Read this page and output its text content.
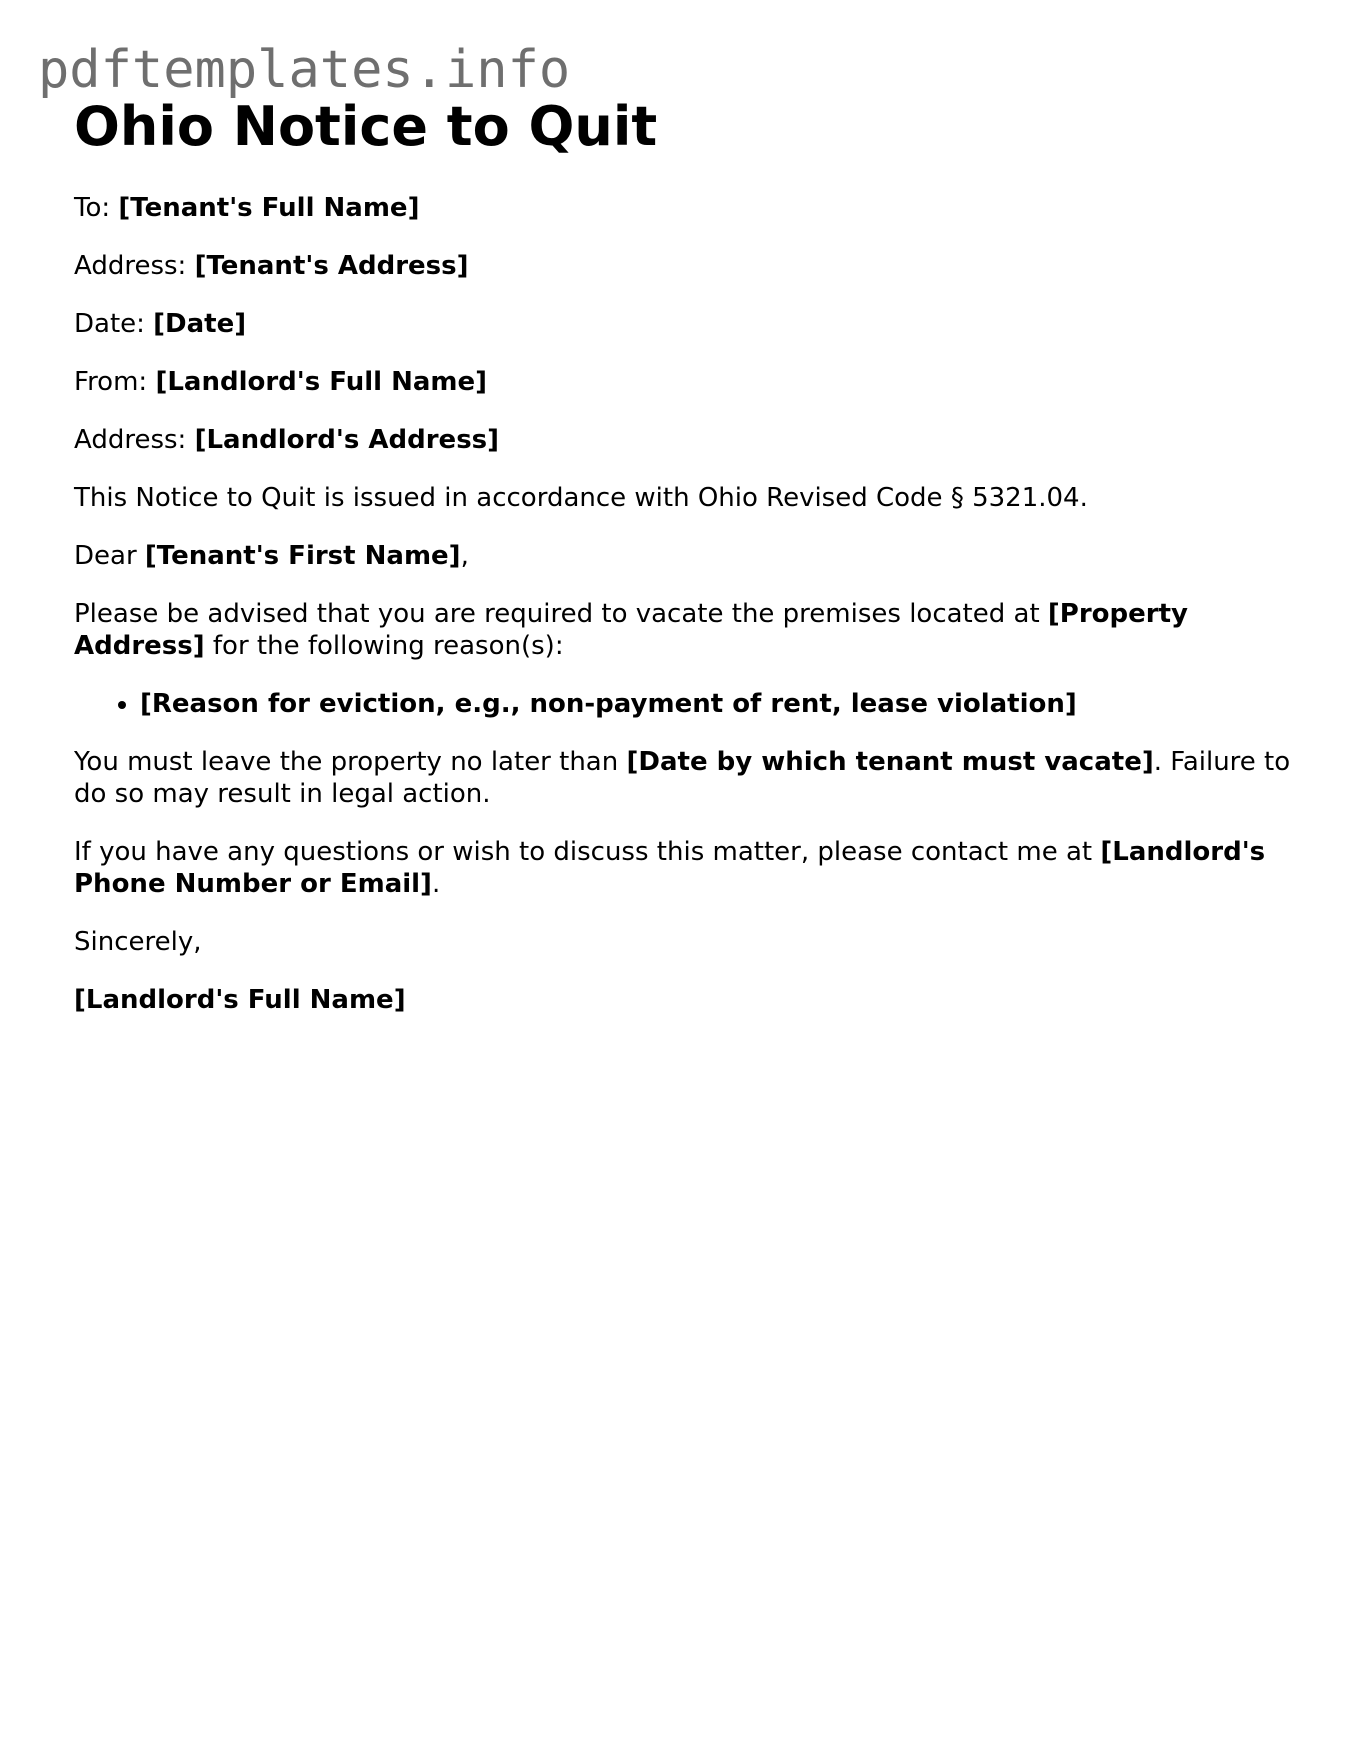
pdftemplates.info
Ohio Notice to Quit

To: [Tenant's Full Name]

Address: [Tenant's Address]

Date: [Date]

From: [Landlord's Full Name]

Address: [Landlord's Address]

This Notice to Quit is issued in accordance with Ohio Revised Code § 5321.04.

Dear [Tenant's First Name],

Please be advised that you are required to vacate the premises located at [Property Address] for the following reason(s):

• [Reason for eviction, e.g., non-payment of rent, lease violation]

You must leave the property no later than [Date by which tenant must vacate]. Failure to do so may result in legal action.

If you have any questions or wish to discuss this matter, please contact me at [Landlord's Phone Number or Email].

Sincerely,

[Landlord's Full Name]
